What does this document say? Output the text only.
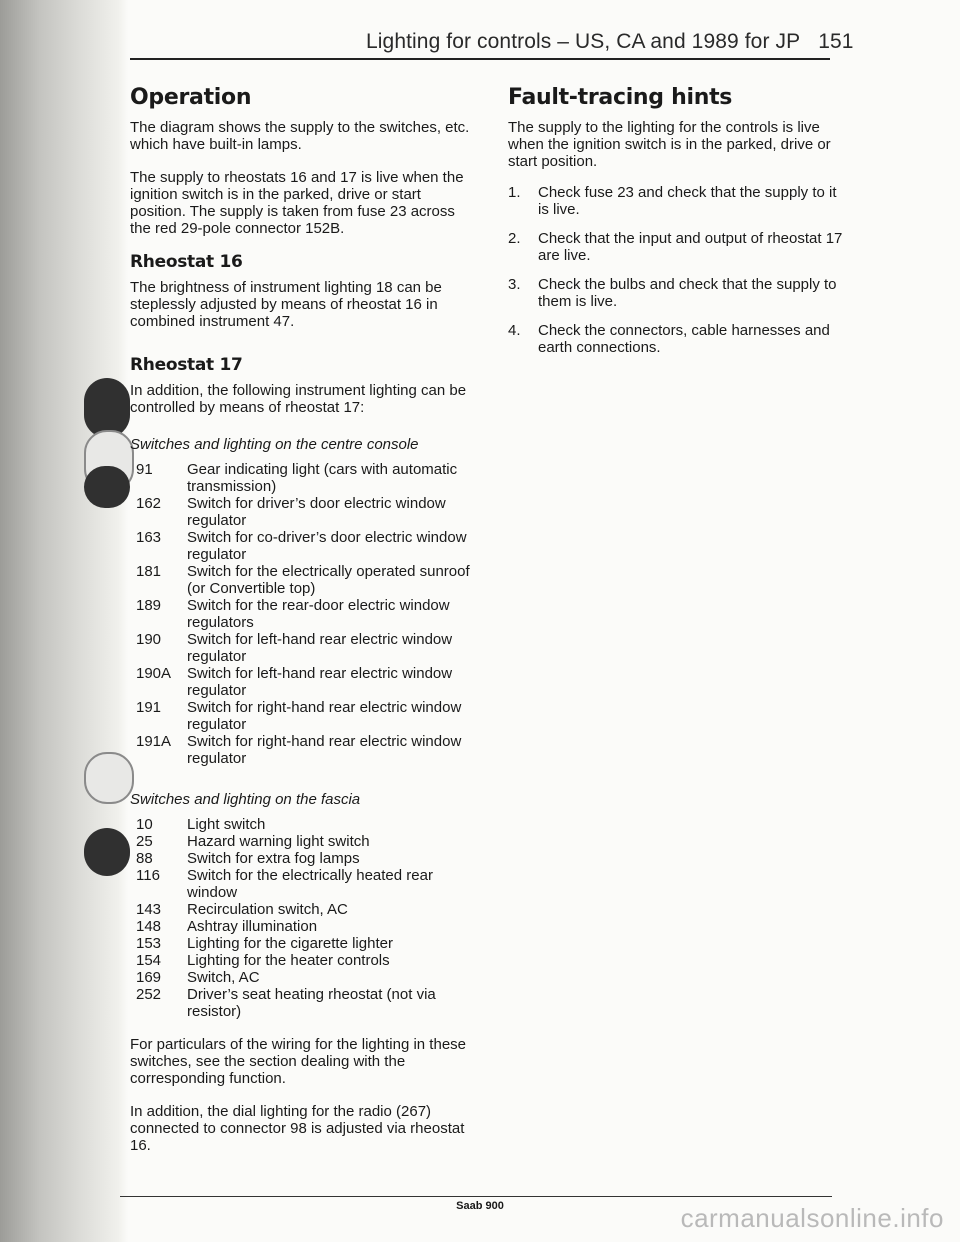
Lighting for controls – US, CA and 1989 for JP 151
Operation

The diagram shows the supply to the switches, etc. which have built-in lamps.

The supply to rheostats 16 and 17 is live when the ignition switch is in the parked, drive or start position. The supply is taken from fuse 23 across the red 29-pole connector 152B.

Rheostat 16

The brightness of instrument lighting 18 can be steplessly adjusted by means of rheostat 16 in combined instrument 47.

Rheostat 17

In addition, the following instrument lighting can be controlled by means of rheostat 17:

Switches and lighting on the centre console

91	Gear indicating light (cars with automatic transmission)
162	Switch for driver’s door electric window regulator
163	Switch for co-driver’s door electric window regulator
181	Switch for the electrically operated sunroof (or Convertible top)
189	Switch for the rear-door electric window regulators
190	Switch for left-hand rear electric window regulator
190A	Switch for left-hand rear electric window regulator
191	Switch for right-hand rear electric window regulator
191A	Switch for right-hand rear electric window regulator

Switches and lighting on the fascia

10	Light switch
25	Hazard warning light switch
88	Switch for extra fog lamps
116	Switch for the electrically heated rear window
143	Recirculation switch, AC
148	Ashtray illumination
153	Lighting for the cigarette lighter
154	Lighting for the heater controls
169	Switch, AC
252	Driver’s seat heating rheostat (not via resistor)

For particulars of the wiring for the lighting in these switches, see the section dealing with the corresponding function.

In addition, the dial lighting for the radio (267) connected to connector 98 is adjusted via rheostat 16.

Fault-tracing hints

The supply to the lighting for the controls is live when the ignition switch is in the parked, drive or start position.

1.	Check fuse 23 and check that the supply to it is live.
2.	Check that the input and output of rheostat 17 are live.
3.	Check the bulbs and check that the supply to them is live.
4.	Check the connectors, cable harnesses and earth connections.
Saab 900	carmanualsonline.info
